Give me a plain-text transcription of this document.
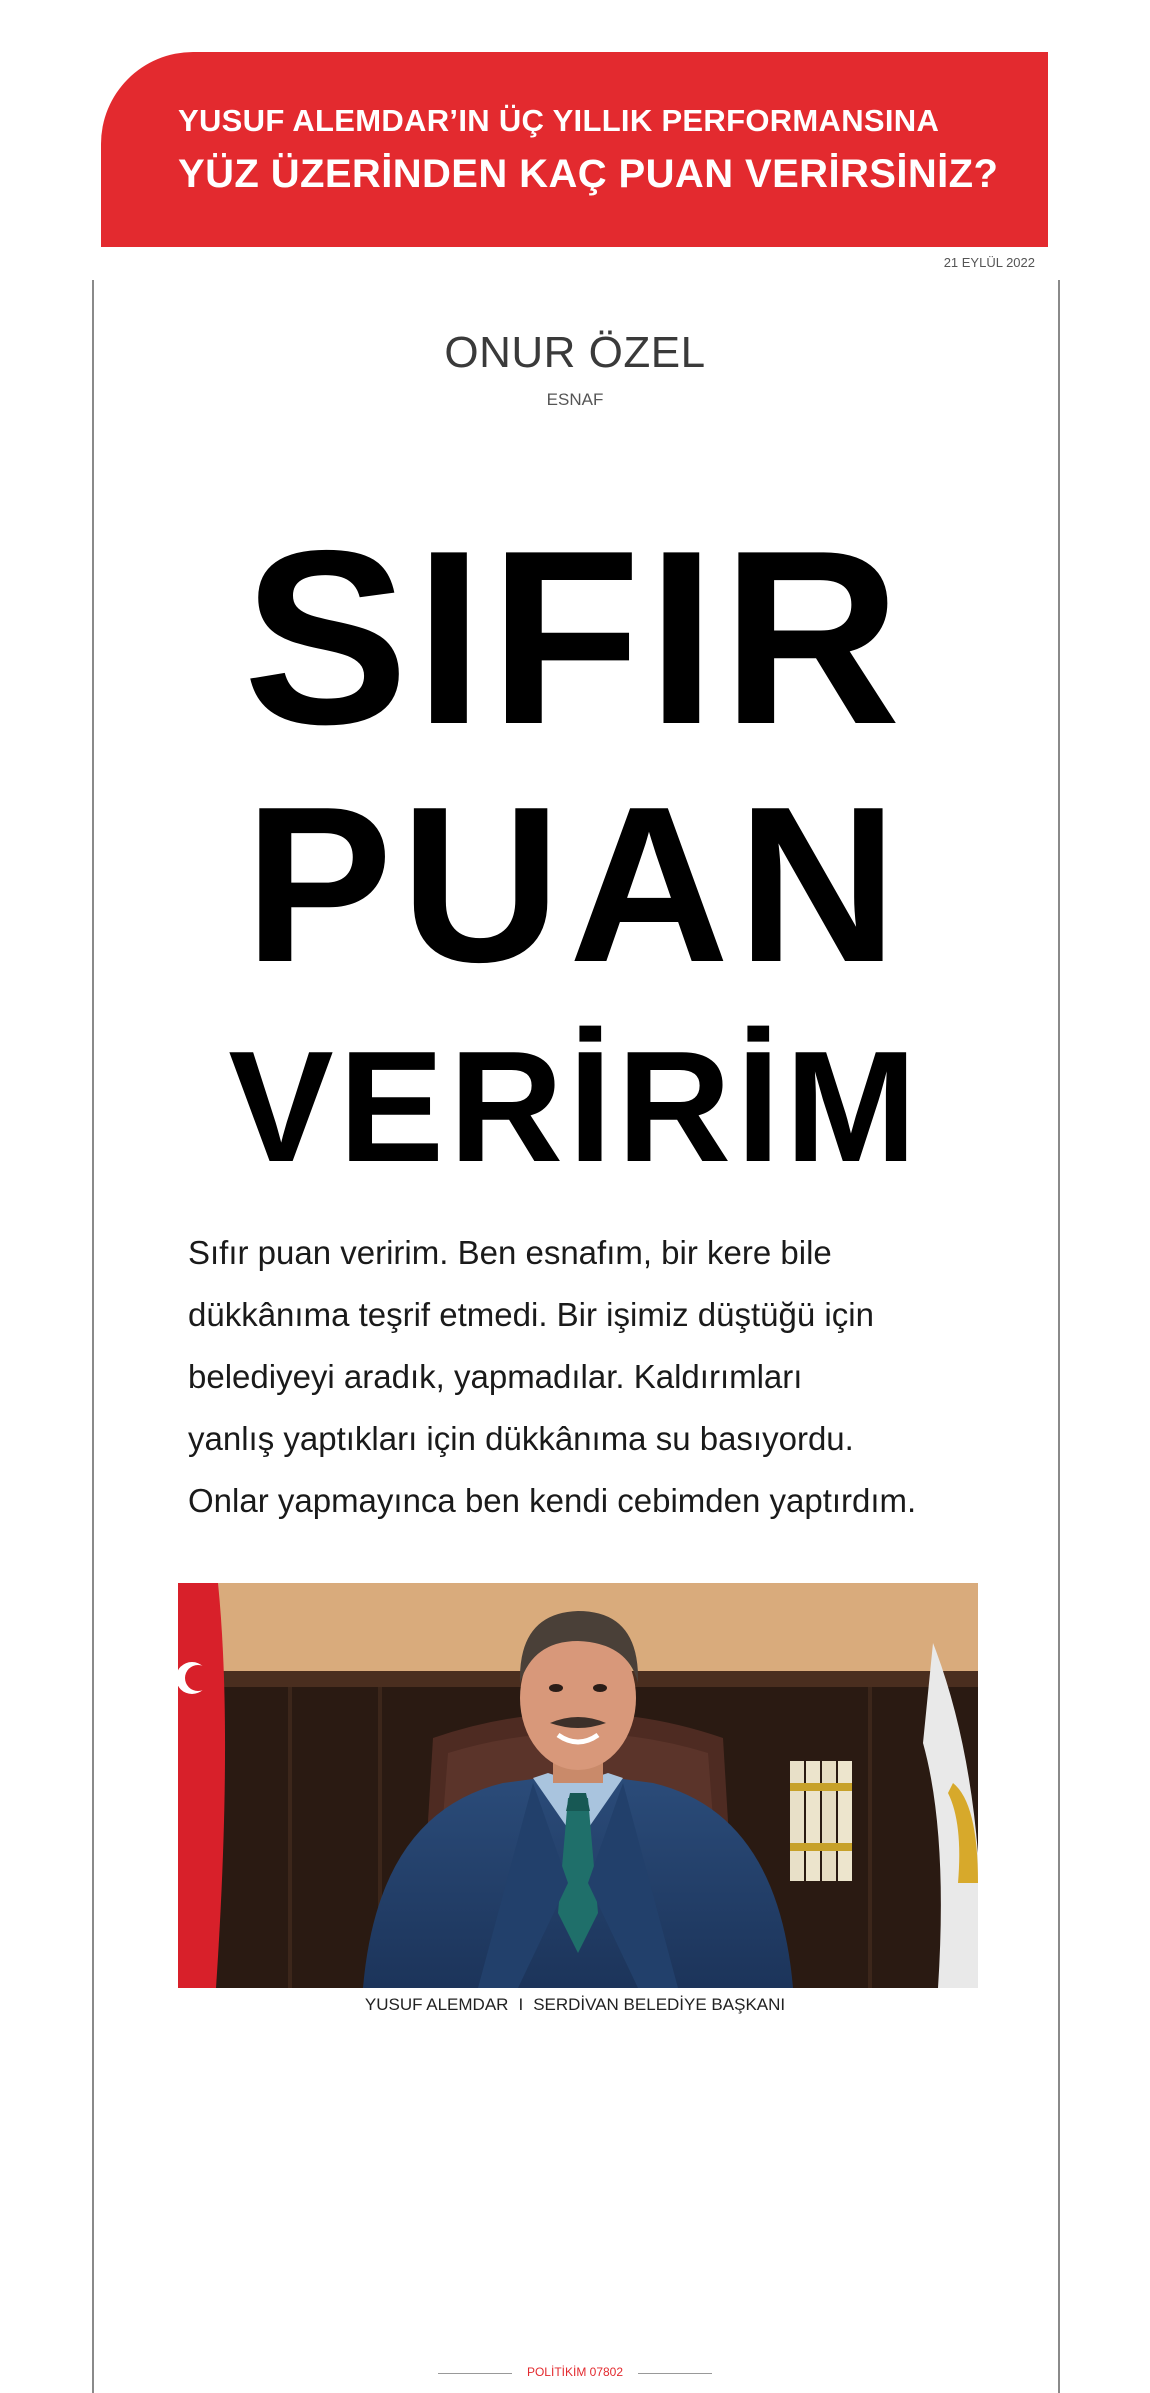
YUSUF ALEMDAR’IN ÜÇ YILLIK PERFORMANSINA
YÜZ ÜZERİNDEN KAÇ PUAN VERİRSİNİZ?
21 EYLÜL 2022
ONUR ÖZEL
ESNAF
SIFIR
PUAN
VERİRİM
Sıfır puan veririm. Ben esnafım, bir kere bile
dükkânıma teşrif etmedi. Bir işimiz düştüğü için
belediyeyi aradık, yapmadılar. Kaldırımları
yanlış yaptıkları için dükkânıma su basıyordu.
Onlar yapmayınca ben kendi cebimden yaptırdım.
YUSUF ALEMDAR I SERDİVAN BELEDİYE BAŞKANI
POLİTİKİM 07802
